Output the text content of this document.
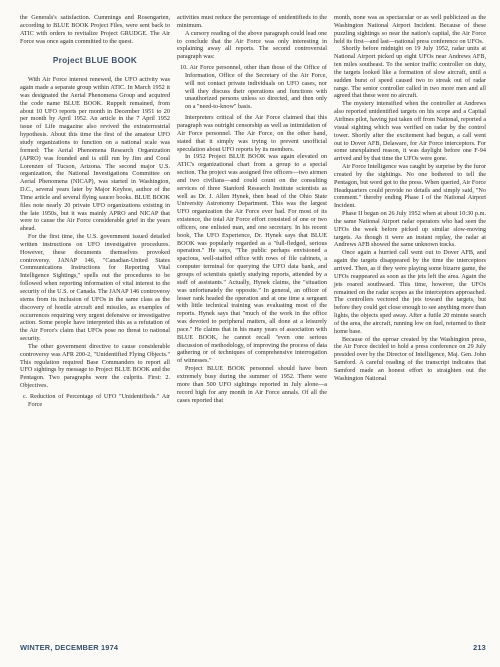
the Generals's satisfaction. Cummings and Rosengarten, according to BLUE BOOK Project Files, were sent back to ATIC with orders to revitalize Project GRUDGE. The Air Force was once again committed to the quest.

Project BLUE BOOK

With Air Force interest renewed, the UFO activity was again made a separate group within ATIC. In March 1952 it was designated the Aerial Phenomena Group and acquired the code name BLUE BOOK. Ruppelt remained, from about 10 UFO reports per month in December 1951 to 20 per month by April 1952. An article in the 7 April 1952 issue of Life magazine also revived the extraterrestrial hypothesis. About this time the first of the amateur UFO study organizations to function on a national scale was formed: The Aerial Phenomena Research Organization (APRO) was founded and is still run by Jim and Coral Lorenzen of Tucson, Arizona. The second major U.S. organization, the National Investigations Committee on Aerial Phenomena (NICAP), was started in Washington, D.C., several years later by Major Keyhoe, author of the Time article and several flying saucer books. BLUE BOOK files note nearly 20 private UFO organizations existing in the late 1950s, but it was mainly APRO and NICAP that were to cause the Air Force considerable grief in the years ahead.

For the first time, the U.S. government issued detailed written instructions on UFO investigative procedures. However, these documents themselves provoked controversy. JANAP 146, "Canadian-United States Communications Instructions for Reporting Vital Intelligence Sightings," spells out the procedures to be followed when reporting information of vital interest to the security of the U.S. or Canada. The JANAP 146 controversy stems from its inclusion of UFOs in the same class as the discovery of hostile aircraft and missiles, as examples of occurrences requiring very urgent defensive or investigative action. Some people have interpreted this as a refutation of the Air Force's claim that UFOs pose no threat to national security.

The other government directive to cause considerable controversy was AFR 200-2, "Unidentified Flying Objects." This regulation required Base Commanders to report all UFO sightings by message to Project BLUE BOOK and the Pentagon. Two paragraphs were the culprits. First: 2. Objectives.

c. Reduction of Percentage of UFO "Unidentifieds." Air Force

activities must reduce the percentage of unidentifieds to the minimum.

A cursory reading of the above paragraph could lead one to conclude that the Air Force was only interesting in explaining away all reports. The second controversial paragraph was:

10. Air Force personnel, other than those of the Office of Information, Office of the Secretary of the Air Force, will not contact private individuals on UFO cases, nor will they discuss their operations and functions with unauthorized persons unless so directed, and then only on a "need-to-know" basis.

Interpreters critical of the Air Force claimed that this paragraph was outright censorship as well as intimidation of Air Force personnel. The Air Force, on the other hand, stated that it simply was trying to prevent unofficial speculation about UFO reports by its members.

In 1952 Project BLUE BOOK was again elevated on ATIC's organizational chart from a group to a special section. The project was assigned five officers—two airmen and two civilians—and could count on the consulting services of three Stanford Research Institute scientists as well as Dr. J. Allen Hynek, then head of the Ohio State University Astronomy Department. This was the largest UFO organization the Air Force ever had. For most of its existence, the total Air Force effort consisted of one or two officers, one enlisted man, and one secretary. In his recent book, The UFO Experience, Dr. Hynek says that BLUE BOOK was popularly regarded as a "full-fledged, serious operation." He says, "The public perhaps envisioned a spacious, well-staffed office with rows of file cabinets, a computer terminal for querying the UFO data bank, and groups of scientists quietly studying reports, attended by a staff of assistants." Actually, Hynek claims, the "situation was unfortunately the opposite." In general, an officer of lesser rank headed the operation and at one time a sergeant with little technical training was evaluating most of the reports. Hynek says that "much of the work in the office was devoted to peripheral matters, all done at a leisurely pace." He claims that in his many years of association with BLUE BOOK, he cannot recall "even one serious discussion of methodology, of improving the process of data gathering or of techniques of comprehensive interrogation of witnesses."

Project BLUE BOOK personnel should have been extremely busy during the summer of 1952. There were more than 500 UFO sightings reported in July alone—a record high for any month in Air Force annals. Of all the cases reported that

month, none was as spectacular or as well publicized as the Washington National Airport Incident. Because of these puzzling sightings so near the nation's capital, the Air Force held its first—and last—national press conference on UFOs.

Shortly before midnight on 19 July 1952, radar units at National Airport picked up eight UFOs near Andrews AFB, ten miles southeast. To the senior traffic controller on duty, the targets looked like a formation of slow aircraft, until a sudden burst of speed caused two to streak out of radar range. The senior controller called in two more men and all agreed that these were no aircraft.

The mystery intensified when the controller at Andrews also reported unidentified targets on his scope and a Capital Airlines pilot, having just taken off from National, reported a visual sighting which was verified on radar by the control tower. Shortly after the excitement had begun, a call went out to Dover AFB, Delaware, for Air Force interceptors. For some unexplained reason, it was daylight before one F-94 arrived and by that time the UFOs were gone.

Air Force Intelligence was caught by surprise by the furor created by the sightings. No one bothered to tell the Pentagon, but word got to the press. When queried, Air Force Headquarters could provide no details and simply said, "No comment." thereby ending Phase I of the National Airport Incident.

Phase II began on 26 July 1952 when at about 10:30 p.m. the same National Airport radar operators who had seen the UFOs the week before picked up similar slow-moving targets. As though it were an instant replay, the radar at Andrews AFB showed the same unknown tracks.

Once again a hurried call went out to Dover AFB, and again the targets disappeared by the time the interceptors arrived. Then, as if they were playing some bizarre game, the UFOs reappeared as soon as the jets left the area. Again the jets roared southward. This time, however, the UFOs remained on the radar scopes as the interceptors approached. The controllers vectored the jets toward the targets, but before they could get close enough to see anything more than lights, the objects sped away. After a futile 20 minute search of the area, the aircraft, running low on fuel, returned to their home base.

Because of the uproar created by the Washington press, the Air Force decided to hold a press conference on 29 July presided over by the Director of Intelligence, Maj. Gen. John Samford. A careful reading of the transcript indicates that Samford made an honest effort to straighten out the Washington National

WINTER, DECEMBER 1974	213
